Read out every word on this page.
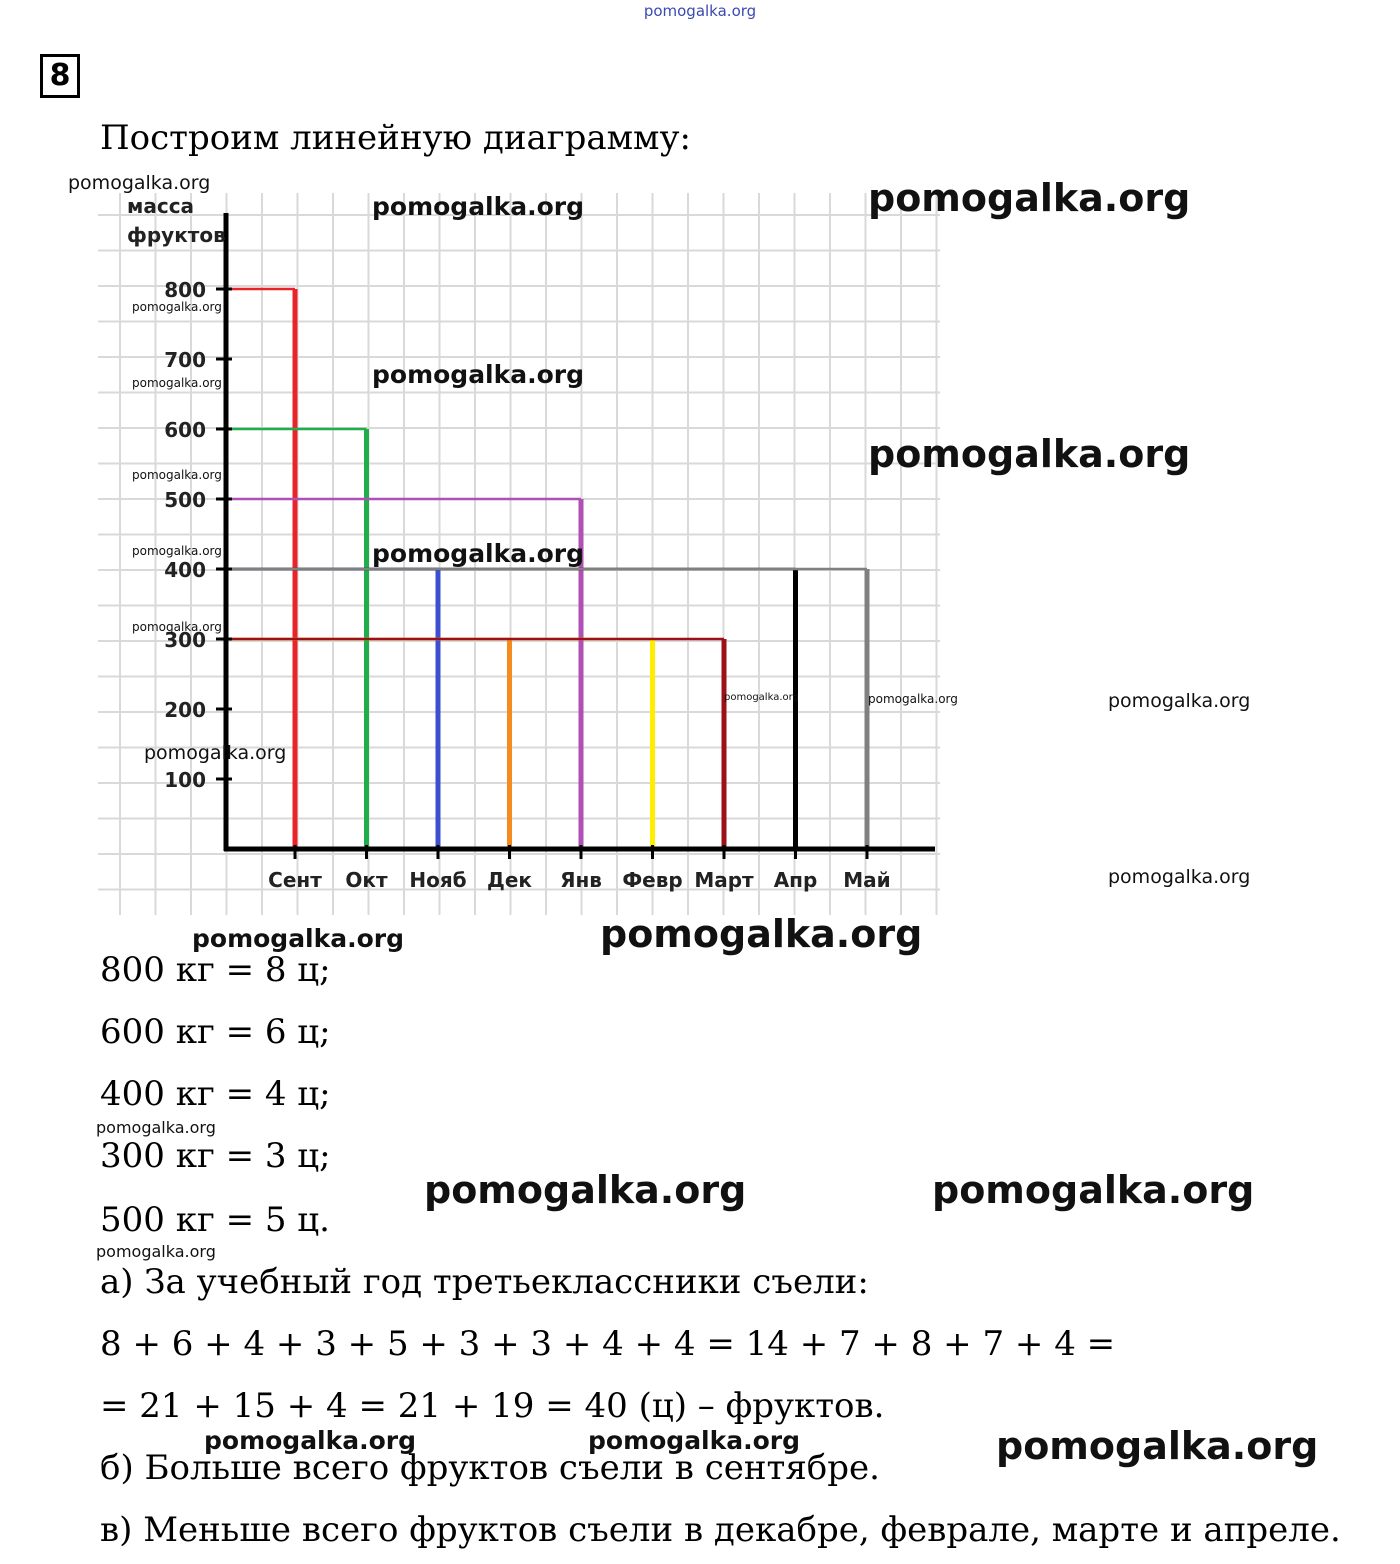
pomogalka.org
8
Построим линейную диаграмму:
100
200
300
400
500
600
700
800
масса
фруктов
Сент Окт Нояб Дек Янв Февр Март Апр Май
pomogalka.org
pomogalka.org	pomogalka.org
pomogalka.org
pomogalka.org	pomogalka.org
pomogalka.org
pomogalka.org
pomogalka.org	pomogalka.org
pomogalka.org
pomogalka.org	pomogalka.org	pomogalka.org
pomogalka.org
pomogalka.org
pomogalka.org	pomogalka.org
pomogalka.org
pomogalka.org	pomogalka.org
pomogalka.org
pomogalka.org	pomogalka.org	pomogalka.org
800 кг = 8 ц;
600 кг = 6 ц;
400 кг = 4 ц;
300 кг = 3 ц;
500 кг = 5 ц.
а) За учебный год третьеклассники съели:
8 + 6 + 4 + 3 + 5 + 3 + 3 + 4 + 4 = 14 + 7 + 8 + 7 + 4 =
= 21 + 15 + 4 = 21 + 19 = 40 (ц) – фруктов.
б) Больше всего фруктов съели в сентябре.
в) Меньше всего фруктов съели в декабре, феврале, марте и апреле.
